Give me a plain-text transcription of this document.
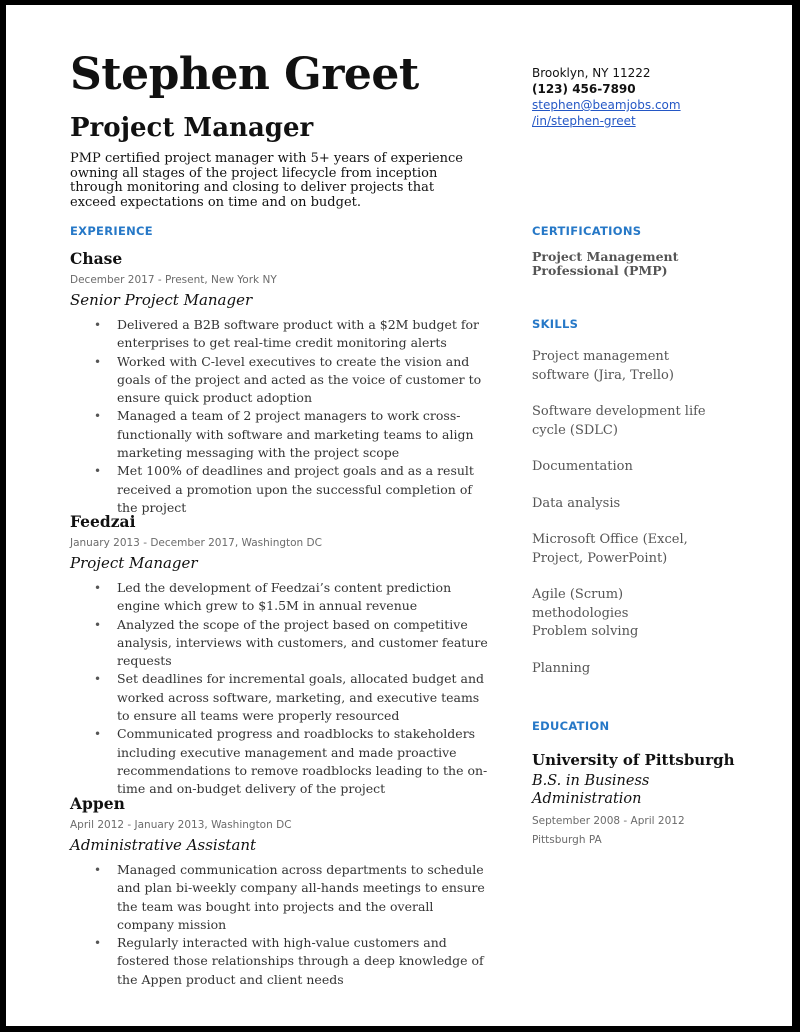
Stephen Greet
Project Manager
PMP certified project manager with 5+ years of experience owning all stages of the project lifecycle from inception through monitoring and closing to deliver projects that exceed expectations on time and on budget.
Brooklyn, NY 11222
(123) 456-7890
stephen@beamjobs.com
/in/stephen-greet
EXPERIENCE
Chase
December 2017 - Present, New York NY
Senior Project Manager
• Delivered a B2B software product with a $2M budget for enterprises to get real-time credit monitoring alerts
• Worked with C-level executives to create the vision and goals of the project and acted as the voice of customer to ensure quick product adoption
• Managed a team of 2 project managers to work cross-functionally with software and marketing teams to align marketing messaging with the project scope
• Met 100% of deadlines and project goals and as a result received a promotion upon the successful completion of the project
Feedzai
January 2013 - December 2017, Washington DC
Project Manager
• Led the development of Feedzai’s content prediction engine which grew to $1.5M in annual revenue
• Analyzed the scope of the project based on competitive analysis, interviews with customers, and customer feature requests
• Set deadlines for incremental goals, allocated budget and worked across software, marketing, and executive teams to ensure all teams were properly resourced
• Communicated progress and roadblocks to stakeholders including executive management and made proactive recommendations to remove roadblocks leading to the on-time and on-budget delivery of the project
Appen
April 2012 - January 2013, Washington DC
Administrative Assistant
• Managed communication across departments to schedule and plan bi-weekly company all-hands meetings to ensure the team was bought into projects and the overall company mission
• Regularly interacted with high-value customers and fostered those relationships through a deep knowledge of the Appen product and client needs
CERTIFICATIONS
Project Management Professional (PMP)
SKILLS
Project management software (Jira, Trello)
Software development life cycle (SDLC)
Documentation
Data analysis
Microsoft Office (Excel, Project, PowerPoint)
Agile (Scrum) methodologies
Problem solving
Planning
EDUCATION
University of Pittsburgh
B.S. in Business Administration
September 2008 - April 2012
Pittsburgh PA
